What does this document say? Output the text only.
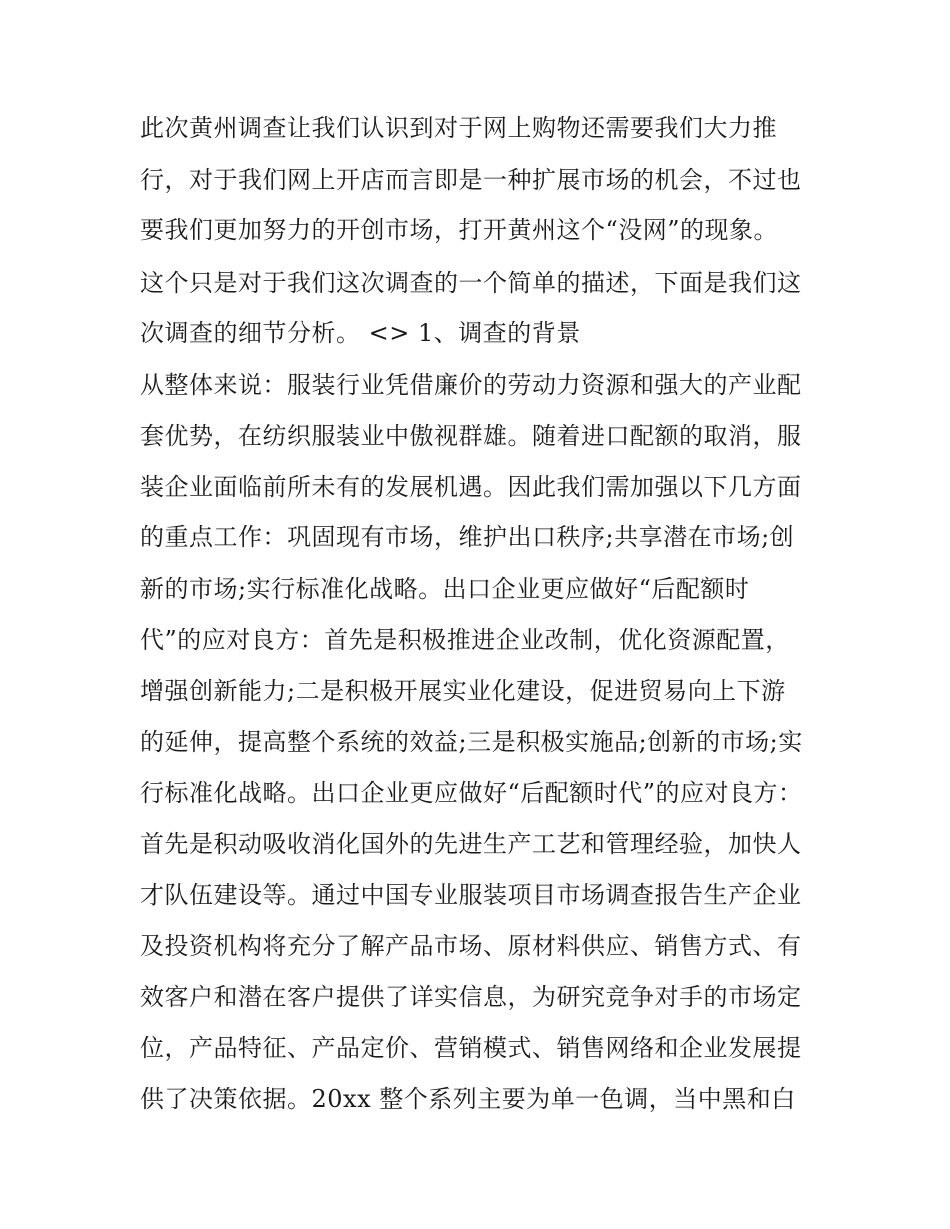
此次黄州调查让我们认识到对于网上购物还需要我们大力推
行，对于我们网上开店而言即是一种扩展市场的机会，不过也
要我们更加努力的开创市场，打开黄州这个“没网”的现象。
这个只是对于我们这次调查的一个简单的描述，下面是我们这
次调查的细节分析。 <> 1、调查的背景
从整体来说：服装行业凭借廉价的劳动力资源和强大的产业配
套优势，在纺织服装业中傲视群雄。随着进口配额的取消，服
装企业面临前所未有的发展机遇。因此我们需加强以下几方面
的重点工作：巩固现有市场，维护出口秩序;共享潜在市场;创
新的市场;实行标准化战略。出口企业更应做好“后配额时
代”的应对良方：首先是积极推进企业改制，优化资源配置，
增强创新能力;二是积极开展实业化建设，促进贸易向上下游
的延伸，提高整个系统的效益;三是积极实施品;创新的市场;实
行标准化战略。出口企业更应做好“后配额时代”的应对良方：
首先是积动吸收消化国外的先进生产工艺和管理经验，加快人
才队伍建设等。通过中国专业服装项目市场调查报告生产企业
及投资机构将充分了解产品市场、原材料供应、销售方式、有
效客户和潜在客户提供了详实信息，为研究竞争对手的市场定
位，产品特征、产品定价、营销模式、销售网络和企业发展提
供了决策依据。20xx 整个系列主要为单一色调，当中黑和白
